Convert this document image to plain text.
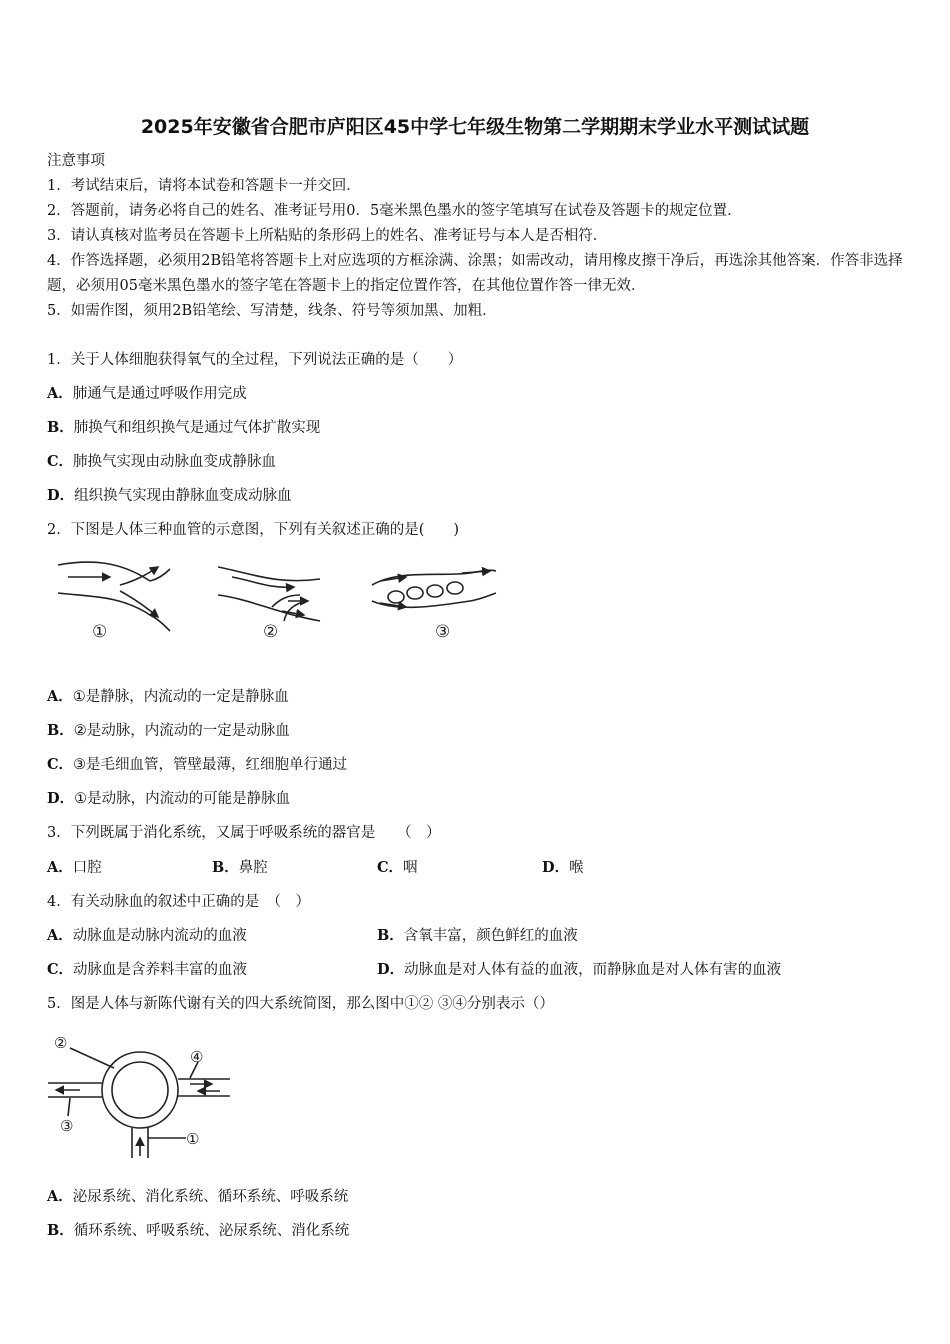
2025年安徽省合肥市庐阳区45中学七年级生物第二学期期末学业水平测试试题
注意事项
1．考试结束后，请将本试卷和答题卡一并交回．
2．答题前，请务必将自己的姓名、准考证号用0．5毫米黑色墨水的签字笔填写在试卷及答题卡的规定位置．
3．请认真核对监考员在答题卡上所粘贴的条形码上的姓名、准考证号与本人是否相符．
4．作答选择题，必须用2B铅笔将答题卡上对应选项的方框涂满、涂黑；如需改动，请用橡皮擦干净后，再选涂其他答案．作答非选择题，必须用05毫米黑色墨水的签字笔在答题卡上的指定位置作答，在其他位置作答一律无效．
5．如需作图，须用2B铅笔绘、写清楚，线条、符号等须加黑、加粗．
1．关于人体细胞获得氧气的全过程，下列说法正确的是（　　）
A．肺通气是通过呼吸作用完成
B．肺换气和组织换气是通过气体扩散实现
C．肺换气实现由动脉血变成静脉血
D．组织换气实现由静脉血变成动脉血
2．下图是人体三种血管的示意图，下列有关叙述正确的是(　　)
①	②	③
A．①是静脉，内流动的一定是静脉血
B．②是动脉，内流动的一定是动脉血
C．③是毛细血管，管壁最薄，红细胞单行通过
D．①是动脉，内流动的可能是静脉血
3．下列既属于消化系统，又属于呼吸系统的器官是　　（　）
A．口腔	B．鼻腔	C．咽	D．喉
4．有关动脉血的叙述中正确的是　（　）
A．动脉血是动脉内流动的血液	B．含氧丰富，颜色鲜红的血液
C．动脉血是含养料丰富的血液	D．动脉血是对人体有益的血液，而静脉血是对人体有害的血液
5．图是人体与新陈代谢有关的四大系统简图，那么图中①② ③④分别表示（）
②
④
③
①
A．泌尿系统、消化系统、循环系统、呼吸系统
B．循环系统、呼吸系统、泌尿系统、消化系统
